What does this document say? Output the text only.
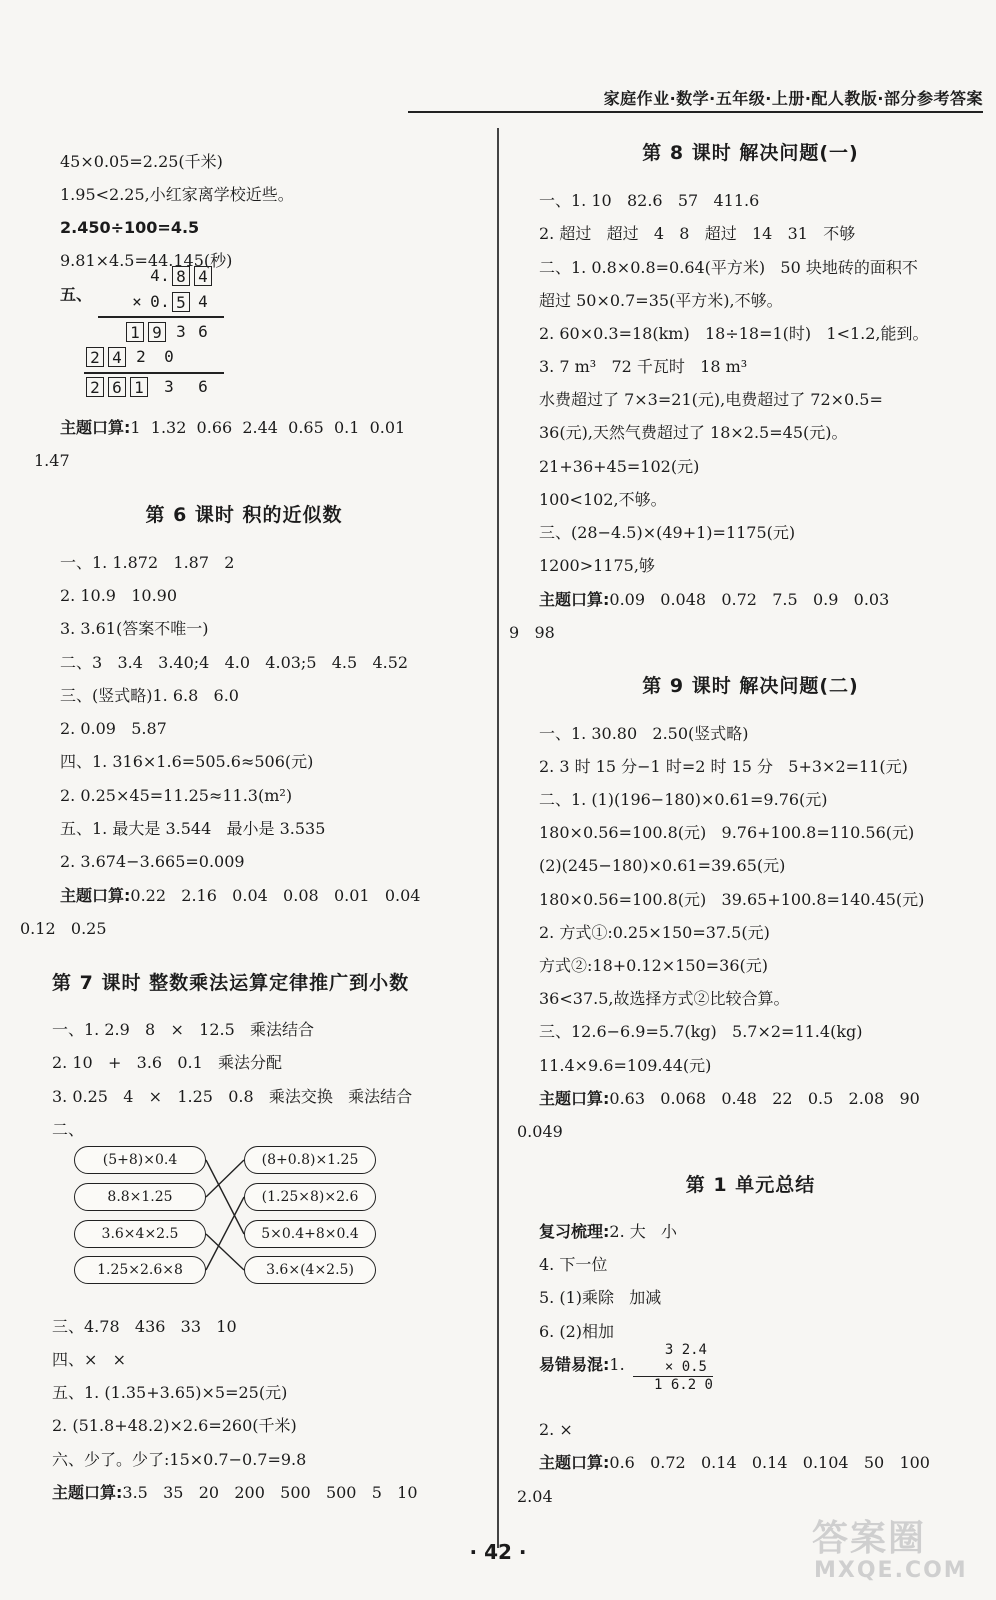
家庭作业·数学·五年级·上册·配人教版·部分参考答案
45×0.05=2.25(千米)
1.95<2.25,小红家离学校近些。
2.450÷100=4.5
9.81×4.5=44.145(秒)
五、
4 . 8 4
× 0 . 5 4
1 9 3 6
2 4 2 0
2 6 1 3 6
主题口算:1  1.32  0.66  2.44  0.65  0.1  0.01
1.47
第 6 课时 积的近似数
一、1. 1.872   1.87   2
2. 10.9   10.90
3. 3.61(答案不唯一)
二、3   3.4   3.40;4   4.0   4.03;5   4.5   4.52
三、(竖式略)1. 6.8   6.0
2. 0.09   5.87
四、1. 316×1.6=505.6≈506(元)
2. 0.25×45=11.25≈11.3(m²)
五、1. 最大是 3.544   最小是 3.535
2. 3.674−3.665=0.009
主题口算:0.22   2.16   0.04   0.08   0.01   0.04
0.12   0.25
第 7 课时 整数乘法运算定律推广到小数
一、1. 2.9   8   ×   12.5   乘法结合
2. 10   +   3.6   0.1   乘法分配
3. 0.25   4   ×   1.25   0.8   乘法交换   乘法结合
二、
(5+8)×0.4
8.8×1.25
3.6×4×2.5
1.25×2.6×8
(8+0.8)×1.25
(1.25×8)×2.6
5×0.4+8×0.4
3.6×(4×2.5)
三、4.78   436   33   10
四、×   ×
五、1. (1.35+3.65)×5=25(元)
2. (51.8+48.2)×2.6=260(千米)
六、少了。少了:15×0.7−0.7=9.8
主题口算:3.5   35   20   200   500   500   5   10
第 8 课时 解决问题(一)
一、1. 10   82.6   57   411.6
2. 超过   超过   4   8   超过   14   31   不够
二、1. 0.8×0.8=0.64(平方米)   50 块地砖的面积不
超过 50×0.7=35(平方米),不够。
2. 60×0.3=18(km)   18÷18=1(时)   1<1.2,能到。
3. 7 m³   72 千瓦时   18 m³
水费超过了 7×3=21(元),电费超过了 72×0.5=
36(元),天然气费超过了 18×2.5=45(元)。
21+36+45=102(元)
100<102,不够。
三、(28−4.5)×(49+1)=1175(元)
1200>1175,够
主题口算:0.09   0.048   0.72   7.5   0.9   0.03
9   98
第 9 课时 解决问题(二)
一、1. 30.80   2.50(竖式略)
2. 3 时 15 分−1 时=2 时 15 分   5+3×2=11(元)
二、1. (1)(196−180)×0.61=9.76(元)
180×0.56=100.8(元)   9.76+100.8=110.56(元)
(2)(245−180)×0.61=39.65(元)
180×0.56=100.8(元)   39.65+100.8=140.45(元)
2. 方式①:0.25×150=37.5(元)
方式②:18+0.12×150=36(元)
36<37.5,故选择方式②比较合算。
三、12.6−6.9=5.7(kg)   5.7×2=11.4(kg)
11.4×9.6=109.44(元)
主题口算:0.63   0.068   0.48   22   0.5   2.08   90
0.049
第 1 单元总结
复习梳理:2. 大   小
4. 下一位
5. (1)乘除   加减
6. (2)相加
易错易混:1.
3 2.4
× 0.5
1 6.2 0
2. ×
主题口算:0.6   0.72   0.14   0.14   0.104   50   100
2.04
· 42 ·	答案圈
MXQE.COM
